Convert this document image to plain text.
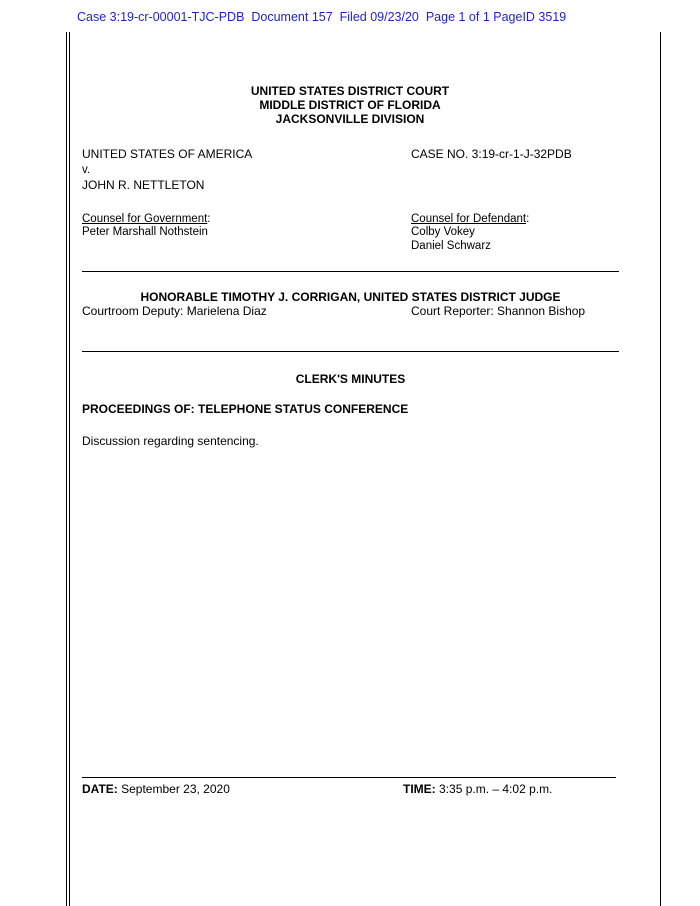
Case 3:19-cr-00001-TJC-PDB Document 157 Filed 09/23/20 Page 1 of 1 PageID 3519
UNITED STATES DISTRICT COURT
MIDDLE DISTRICT OF FLORIDA
JACKSONVILLE DIVISION
UNITED STATES OF AMERICA	CASE NO. 3:19-cr-1-J-32PDB
v.
JOHN R. NETTLETON
Counsel for Government:
Peter Marshall Nothstein
Counsel for Defendant:
Colby Vokey
Daniel Schwarz
HONORABLE TIMOTHY J. CORRIGAN, UNITED STATES DISTRICT JUDGE
Courtroom Deputy: Marielena Diaz	Court Reporter: Shannon Bishop
CLERK'S MINUTES
PROCEEDINGS OF: TELEPHONE STATUS CONFERENCE
Discussion regarding sentencing.
DATE: September 23, 2020	TIME: 3:35 p.m. – 4:02 p.m.
